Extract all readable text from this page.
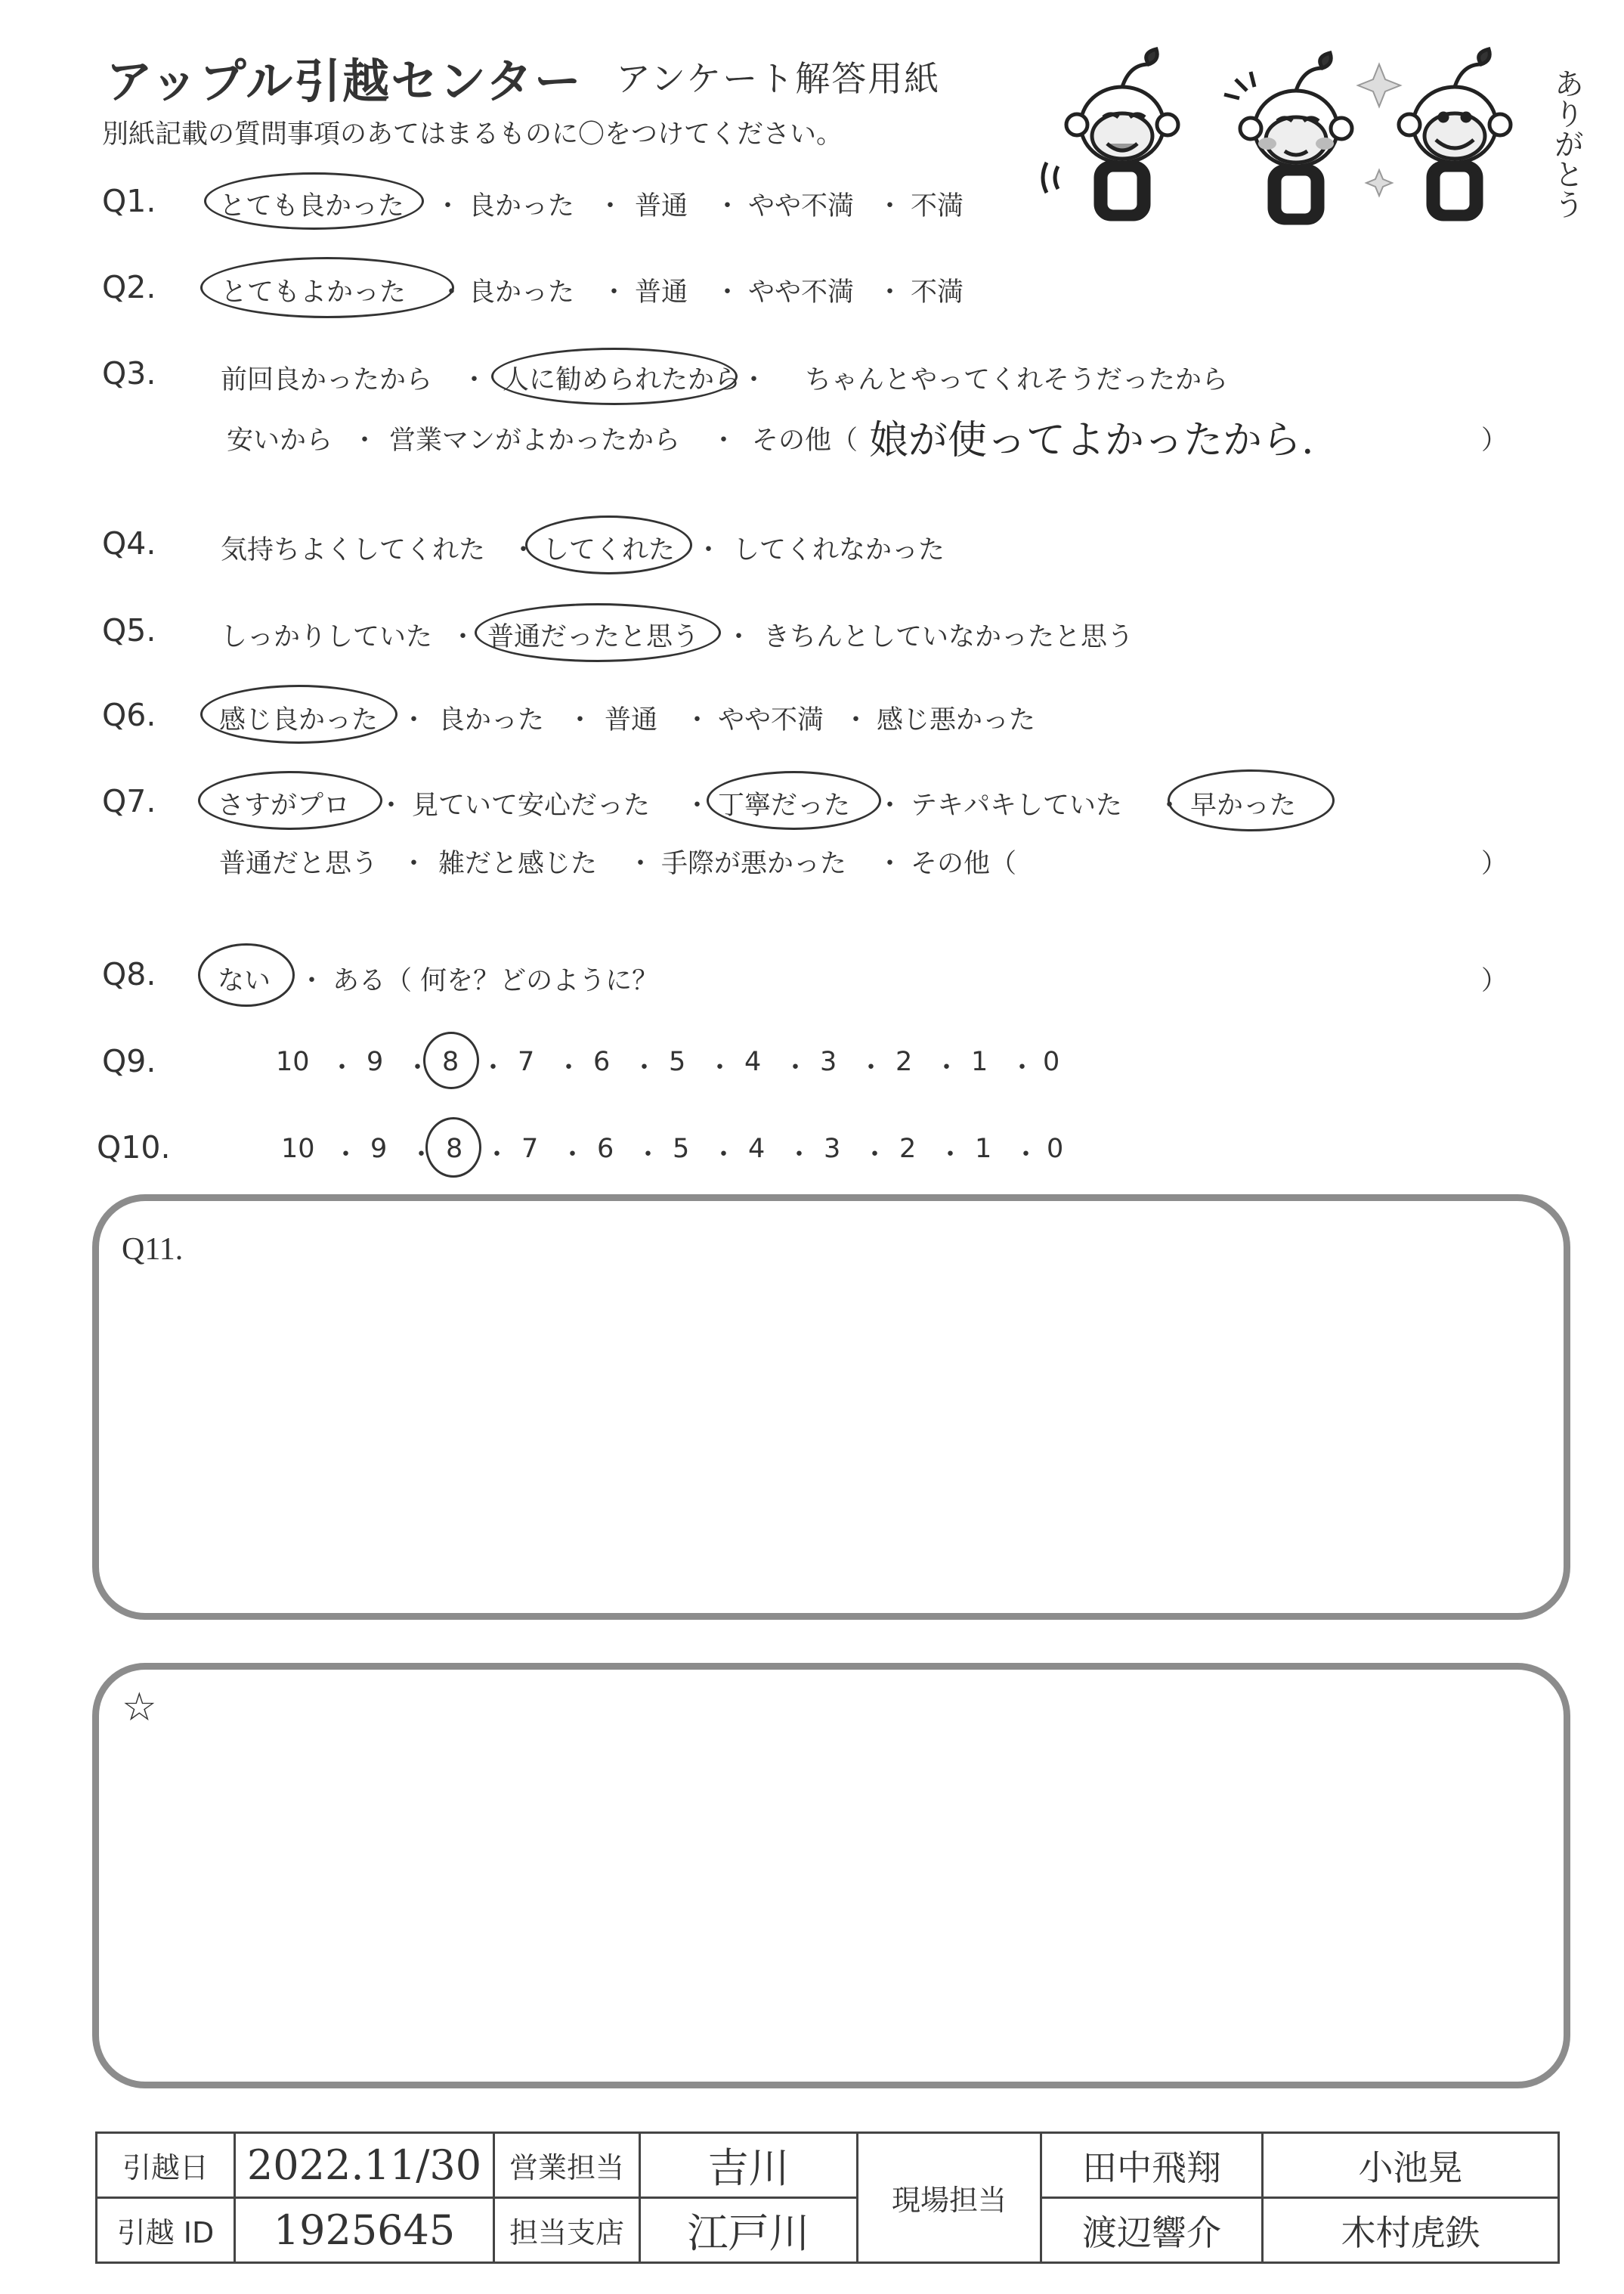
アップル引越センター アンケート解答用紙
別紙記載の質問事項のあてはまるものに〇をつけてください。	ありがとう
Q1. とても良かった ・ 良かった ・ 普通 ・ やや不満 ・ 不満
Q2. とてもよかった ・ 良かった ・ 普通 ・ やや不満 ・ 不満
Q3. 前回良かったから ・ 人に勧められたから ・ ちゃんとやってくれそうだったから
安いから ・ 営業マンがよかったから ・ その他（ 娘が使ってよかったから.	）
Q4. 気持ちよくしてくれた ・ してくれた ・ してくれなかった
Q5. しっかりしていた ・ 普通だったと思う ・ きちんとしていなかったと思う
Q6. 感じ良かった ・ 良かった ・ 普通 ・ やや不満 ・ 感じ悪かった
Q7. さすがプロ ・ 見ていて安心だった ・ 丁寧だった ・ テキパキしていた ・ 早かった
普通だと思う ・ 雑だと感じた ・ 手際が悪かった ・ その他（	）
Q8. ない ・ ある（ 何を？どのように？	）
Q9.	10 ・ 9 ・ 8 ・ 7 ・ 6 ・ 5 ・ 4 ・ 3 ・ 2 ・ 1 ・ 0
Q10.	10 ・ 9 ・ 8 ・ 7 ・ 6 ・ 5 ・ 4 ・ 3 ・ 2 ・ 1 ・ 0
Q11.
☆
引越日	2022.11/30	営業担当	吉川	現場担当	田中飛翔	小池晃
引越 ID	1925645	担当支店	江戸川		渡辺響介	木村虎鉄
